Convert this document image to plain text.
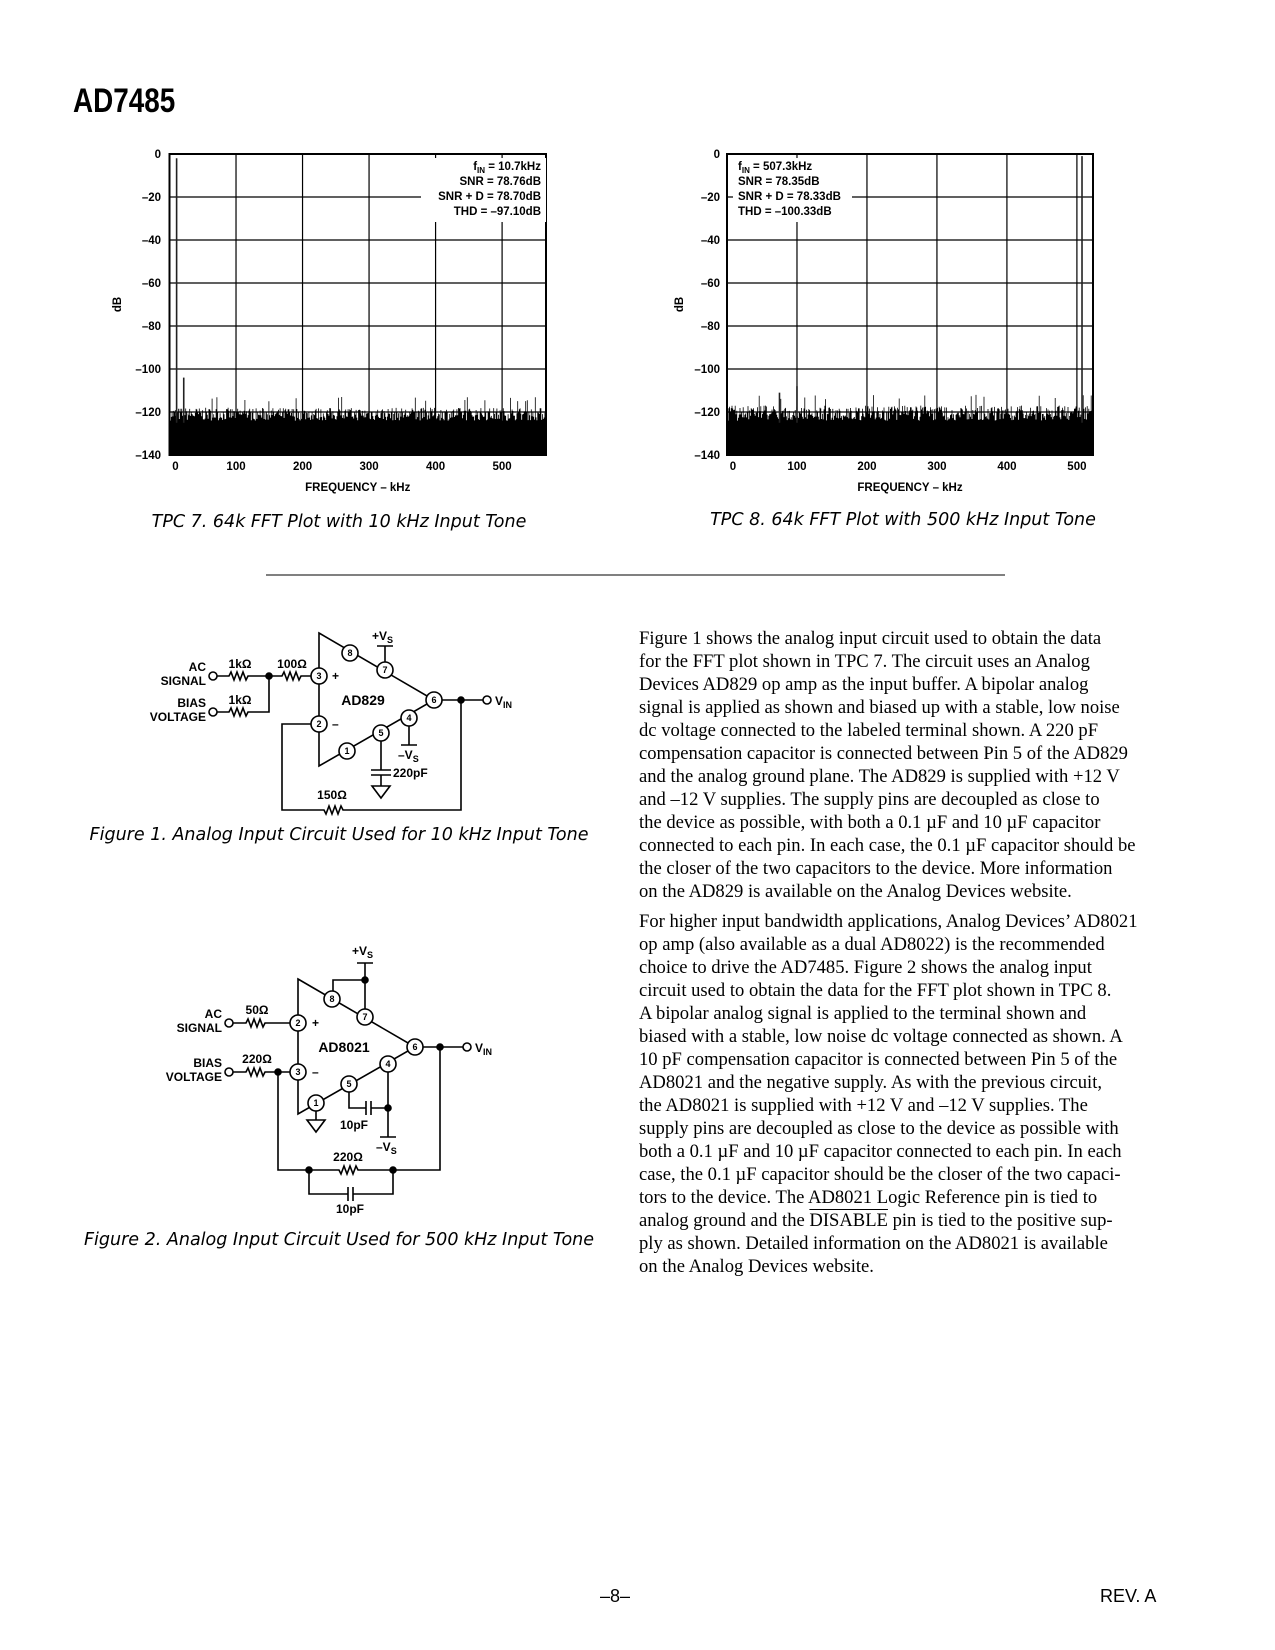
AD7485
$f_{IN} = 10.7kHz$
SNR = 78.76dB
SNR + D = 78.70dB
THD = –97.10dB
0
–20
–40
–60
–80
–100
–120
–140
0	100	200	300	400	500
FREQUENCY – kHz
dB
$f_{IN} = 507.3kHz$
SNR = 78.35dB
SNR + D = 78.33dB
THD = –100.33dB
0
–20
–40
–60
–80
–100
–120
–140
0	100	200	300	400	500
FREQUENCY – kHz
dB
1
2
3
4
5
6
7
8
+
–
AC
SIGNAL
BIAS
VOLTAGE
1kΩ
1kΩ
100Ω
150Ω
AD829
$+V_S$
$-V_S$
220pF
$V_{IN}$
1
2
3
4
5
6
7
8
+
–
AC
SIGNAL
BIAS
VOLTAGE
50Ω
220Ω
220Ω
AD8021
$+V_S$
$-V_S$
10pF
10pF
$V_{IN}$
TPC 7. 64k FFT Plot with 10 kHz Input Tone	TPC 8. 64k FFT Plot with 500 kHz Input Tone
Figure 1. Analog Input Circuit Used for 10 kHz Input Tone
Figure 2. Analog Input Circuit Used for 500 kHz Input Tone
Figure 1 shows the analog input circuit used to obtain the data
for the FFT plot shown in TPC 7. The circuit uses an Analog
Devices AD829 op amp as the input buffer. A bipolar analog
signal is applied as shown and biased up with a stable, low noise
dc voltage connected to the labeled terminal shown. A 220 pF
compensation capacitor is connected between Pin 5 of the AD829
and the analog ground plane. The AD829 is supplied with +12 V
and –12 V supplies. The supply pins are decoupled as close to
the device as possible, with both a 0.1 µF and 10 µF capacitor
connected to each pin. In each case, the 0.1 µF capacitor should be
the closer of the two capacitors to the device. More information
on the AD829 is available on the Analog Devices website.
For higher input bandwidth applications, Analog Devices’ AD8021
op amp (also available as a dual AD8022) is the recommended
choice to drive the AD7485. Figure 2 shows the analog input
circuit used to obtain the data for the FFT plot shown in TPC 8.
A bipolar analog signal is applied to the terminal shown and
biased with a stable, low noise dc voltage connected as shown. A
10 pF compensation capacitor is connected between Pin 5 of the
AD8021 and the negative supply. As with the previous circuit,
the AD8021 is supplied with +12 V and –12 V supplies. The
supply pins are decoupled as close to the device as possible with
both a 0.1 µF and 10 µF capacitor connected to each pin. In each
case, the 0.1 µF capacitor should be the closer of the two capaci-
tors to the device. The AD8021 Logic Reference pin is tied to
analog ground and the DISABLE pin is tied to the positive sup-
ply as shown. Detailed information on the AD8021 is available
on the Analog Devices website.
–8–	REV. A
